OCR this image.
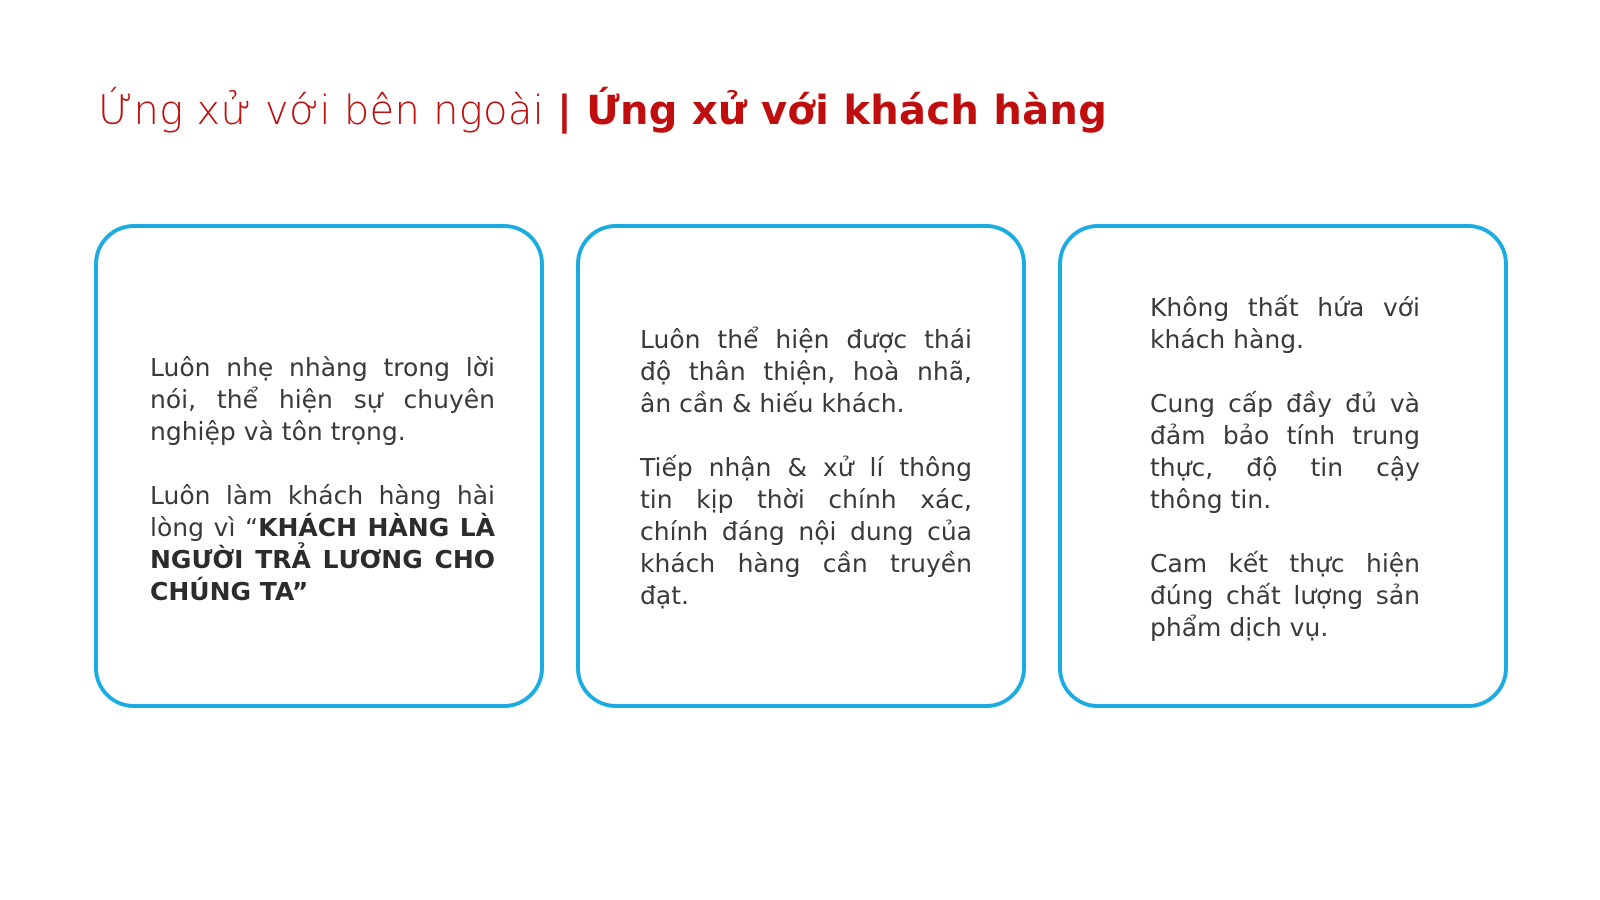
Ứng xử với bên ngoài | Ứng xử với khách hàng

Luôn nhẹ nhàng trong lời nói, thể hiện sự chuyên nghiệp và tôn trọng.

Luôn làm khách hàng hài lòng vì “KHÁCH HÀNG LÀ NGƯỜI TRẢ LƯƠNG CHO CHÚNG TA”

Luôn thể hiện được thái độ thân thiện, hoà nhã, ân cần & hiếu khách.

Tiếp nhận & xử lí thông tin kịp thời chính xác, chính đáng nội dung của khách hàng cần truyền đạt.

Không thất hứa với khách hàng.

Cung cấp đầy đủ và đảm bảo tính trung thực, độ tin cậy thông tin.

Cam kết thực hiện đúng chất lượng sản phẩm dịch vụ.
